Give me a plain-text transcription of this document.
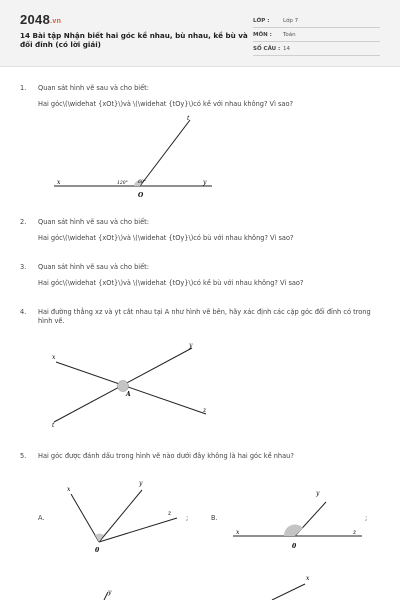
2048.vn
14 Bài tập Nhận biết hai góc kề nhau, bù nhau, kề bù và đối đỉnh (có lời giải)
LỚP : Lớp 7
MÔN : Toán
SỐ CÂU : 14
1. Quan sát hình vẽ sau và cho biết:
Hai góc\(\widehat {xOt}\)và \(\widehat {tOy}\)có kề với nhau không? Vì sao?
x	y
t
O
120° 60°
2. Quan sát hình vẽ sau và cho biết:
Hai góc\(\widehat {xOt}\)và \(\widehat {tOy}\)có bù với nhau không? Vì sao?
3. Quan sát hình vẽ sau và cho biết:
Hai góc\(\widehat {xOt}\)và \(\widehat {tOy}\)có kề bù với nhau không? Vì sao?
4. Hai đường thẳng xz và yt cắt nhau tại A như hình vẽ bên, hãy xác định các cặp góc đối đỉnh có trong hình vẽ.
x
y
z
t
A
5. Hai góc được đánh dấu trong hình vẽ nào dưới đây không là hai góc kề nhau?
A.	;	B.	;
x
y
z
0
x
y
z
0
y
x
